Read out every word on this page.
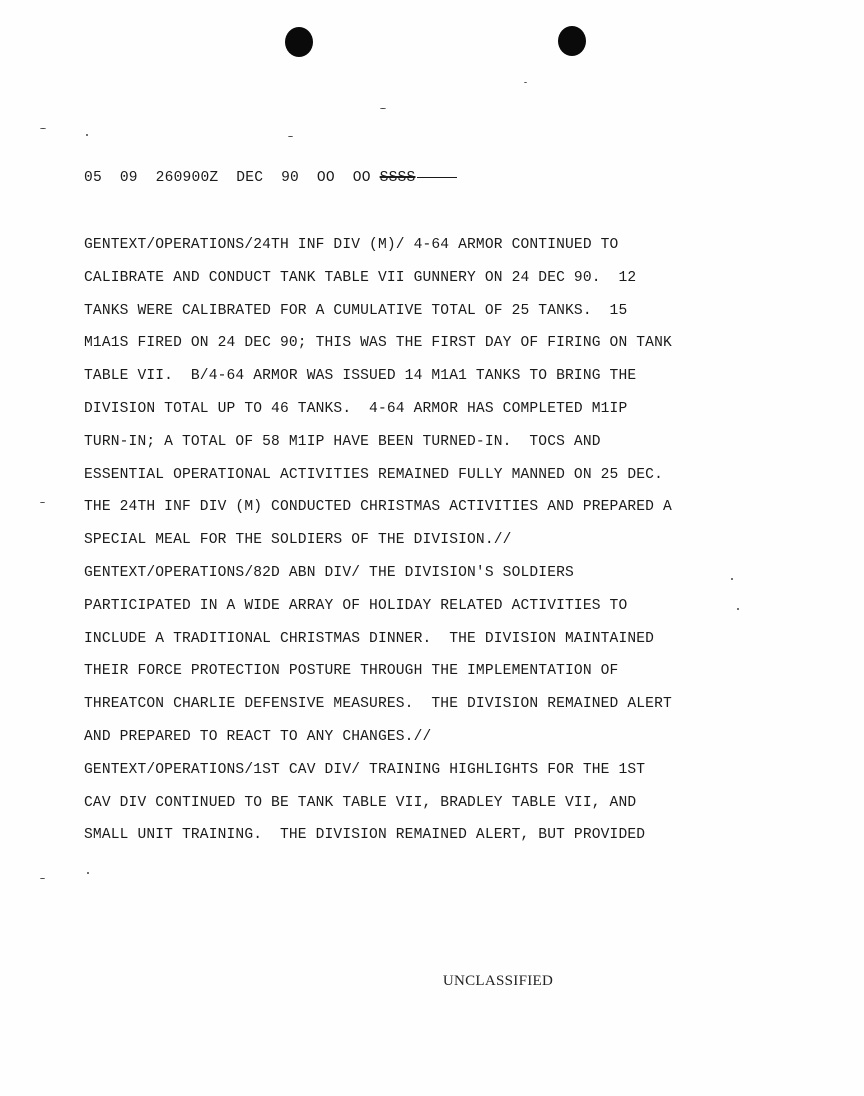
05  09  260900Z  DEC  90  OO  OO SSSS
GENTEXT/OPERATIONS/24TH INF DIV (M)/ 4-64 ARMOR CONTINUED TO
CALIBRATE AND CONDUCT TANK TABLE VII GUNNERY ON 24 DEC 90.  12
TANKS WERE CALIBRATED FOR A CUMULATIVE TOTAL OF 25 TANKS.  15
M1A1S FIRED ON 24 DEC 90; THIS WAS THE FIRST DAY OF FIRING ON TANK
TABLE VII.  B/4-64 ARMOR WAS ISSUED 14 M1A1 TANKS TO BRING THE
DIVISION TOTAL UP TO 46 TANKS.  4-64 ARMOR HAS COMPLETED M1IP
TURN-IN; A TOTAL OF 58 M1IP HAVE BEEN TURNED-IN.  TOCS AND
ESSENTIAL OPERATIONAL ACTIVITIES REMAINED FULLY MANNED ON 25 DEC.
THE 24TH INF DIV (M) CONDUCTED CHRISTMAS ACTIVITIES AND PREPARED A
SPECIAL MEAL FOR THE SOLDIERS OF THE DIVISION.//
GENTEXT/OPERATIONS/82D ABN DIV/ THE DIVISION'S SOLDIERS
PARTICIPATED IN A WIDE ARRAY OF HOLIDAY RELATED ACTIVITIES TO
INCLUDE A TRADITIONAL CHRISTMAS DINNER.  THE DIVISION MAINTAINED
THEIR FORCE PROTECTION POSTURE THROUGH THE IMPLEMENTATION OF
THREATCON CHARLIE DEFENSIVE MEASURES.  THE DIVISION REMAINED ALERT
AND PREPARED TO REACT TO ANY CHANGES.//
GENTEXT/OPERATIONS/1ST CAV DIV/ TRAINING HIGHLIGHTS FOR THE 1ST
CAV DIV CONTINUED TO BE TANK TABLE VII, BRADLEY TABLE VII, AND
SMALL UNIT TRAINING.  THE DIVISION REMAINED ALERT, BUT PROVIDED
UNCLASSIFIED
